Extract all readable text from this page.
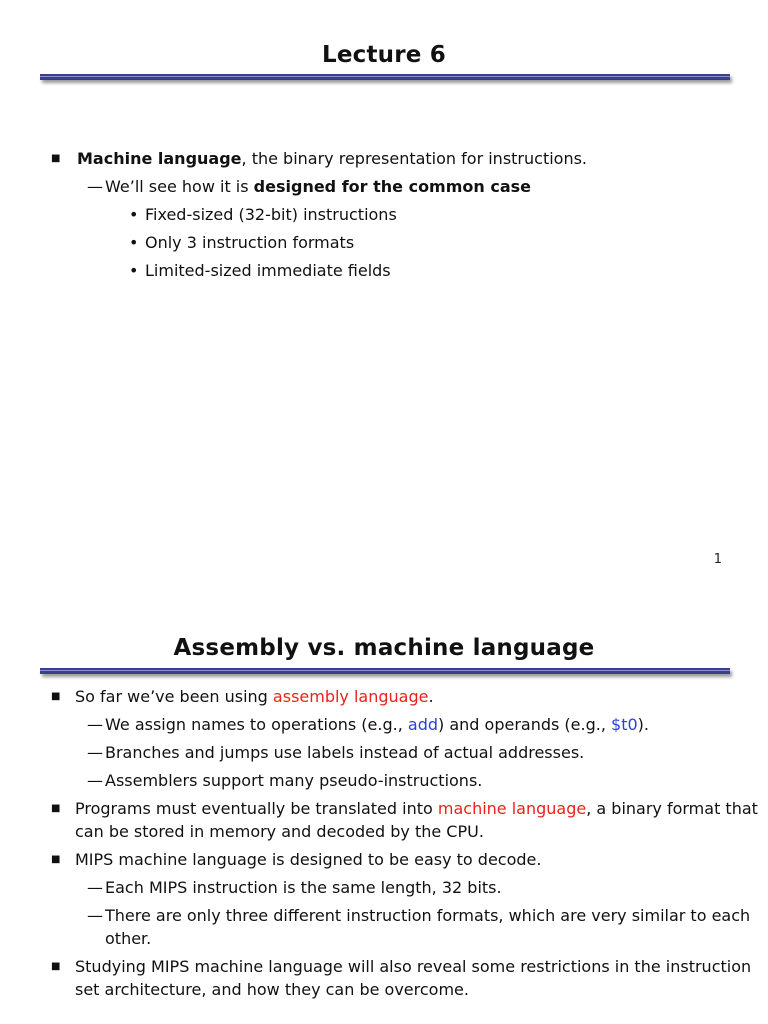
Lecture 6
■ Machine language, the binary representation for instructions.
— We’ll see how it is designed for the common case
• Fixed-sized (32-bit) instructions
• Only 3 instruction formats
• Limited-sized immediate fields
1
Assembly vs. machine language
■ So far we’ve been using assembly language.
— We assign names to operations (e.g., add) and operands (e.g., $t0).
— Branches and jumps use labels instead of actual addresses.
— Assemblers support many pseudo-instructions.
■ Programs must eventually be translated into machine language, a binary format that can be stored in memory and decoded by the CPU.
■ MIPS machine language is designed to be easy to decode.
— Each MIPS instruction is the same length, 32 bits.
— There are only three different instruction formats, which are very similar to each other.
■ Studying MIPS machine language will also reveal some restrictions in the instruction set architecture, and how they can be overcome.
